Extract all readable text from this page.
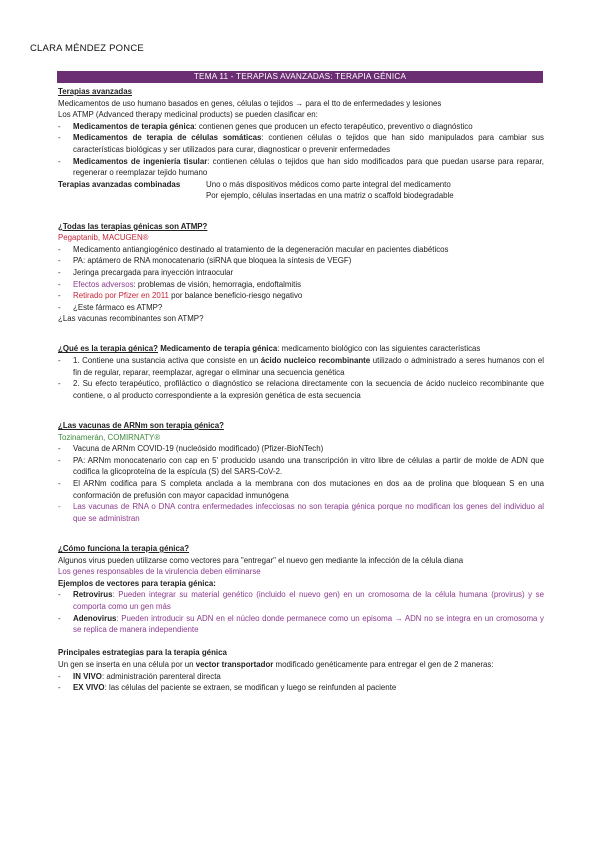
CLARA MÉNDEZ PONCE
TEMA 11 - TERAPIAS AVANZADAS: TERAPIA GÉNICA

Terapias avanzadas

Medicamentos de uso humano basados en genes, células o tejidos → para el tto de enfermedades y lesiones

Los ATMP (Advanced therapy medicinal products) se pueden clasificar en:

- Medicamentos de terapia génica: contienen genes que producen un efecto terapéutico, preventivo o diagnóstico
- Medicamentos de terapia de células somáticas: contienen células o tejidos que han sido manipulados para cambiar sus características biológicas y ser utilizados para curar, diagnosticar o prevenir enfermedades
- Medicamentos de ingeniería tisular: contienen células o tejidos que han sido modificados para que puedan usarse para reparar, regenerar o reemplazar tejido humano
Terapias avanzadas combinadas	Uno o más dispositivos médicos como parte integral del medicamento
Por ejemplo, células insertadas en una matriz o scaffold biodegradable

¿Todas las terapias génicas son ATMP?

Pegaptanib, MACUGEN®

- Medicamento antiangiogénico destinado al tratamiento de la degeneración macular en pacientes diabéticos
- PA: aptámero de RNA monocatenario (siRNA que bloquea la síntesis de VEGF)
- Jeringa precargada para inyección intraocular
- Efectos adversos: problemas de visión, hemorragia, endoftalmitis
- Retirado por Pfizer en 2011 por balance beneficio-riesgo negativo
- ¿Este fármaco es ATMP?

¿Las vacunas recombinantes son ATMP?

¿Qué es la terapia génica? Medicamento de terapia génica: medicamento biológico con las siguientes características

- 1. Contiene una sustancia activa que consiste en un ácido nucleico recombinante utilizado o administrado a seres humanos con el fin de regular, reparar, reemplazar, agregar o eliminar una secuencia genética
- 2. Su efecto terapéutico, profiláctico o diagnóstico se relaciona directamente con la secuencia de ácido nucleico recombinante que contiene, o al producto correspondiente a la expresión genética de esta secuencia

¿Las vacunas de ARNm son terapia génica?

Tozinamerán, COMIRNATY®

- Vacuna de ARNm COVID-19 (nucleósido modificado) (Pfizer-BioNTech)
- PA: ARNm monocatenario con cap en 5' producido usando una transcripción in vitro libre de células a partir de molde de ADN que codifica la glicoproteína de la espícula (S) del SARS-CoV-2.
- El ARNm codifica para S completa anclada a la membrana con dos mutaciones en dos aa de prolina que bloquean S en una conformación de prefusión con mayor capacidad inmunógena
- Las vacunas de RNA o DNA contra enfermedades infecciosas no son terapia génica porque no modifican los genes del individuo al que se administran

¿Cómo funciona la terapia génica?

Algunos virus pueden utilizarse como vectores para "entregar" el nuevo gen mediante la infección de la célula diana

Los genes responsables de la virulencia deben eliminarse

Ejemplos de vectores para terapia génica:

- Retrovirus: Pueden integrar su material genético (incluido el nuevo gen) en un cromosoma de la célula humana (provirus) y se comporta como un gen más
- Adenovirus: Pueden introducir su ADN en el núcleo donde permanece como un episoma → ADN no se integra en un cromosoma y se replica de manera independiente

Principales estrategias para la terapia génica

Un gen se inserta en una célula por un vector transportador modificado genéticamente para entregar el gen de 2 maneras:

- IN VIVO: administración parenteral directa
- EX VIVO: las células del paciente se extraen, se modifican y luego se reinfunden al paciente
